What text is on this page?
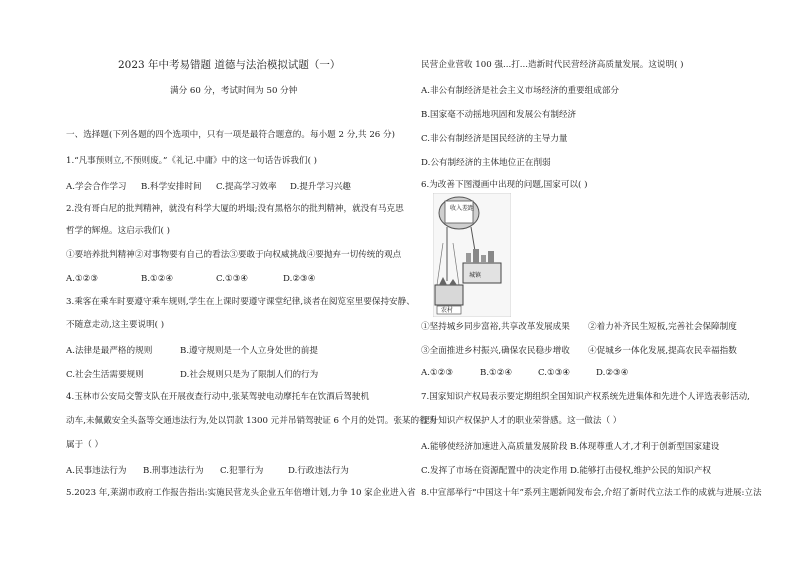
2023 年中考易错题 道德与法治模拟试题（一）
满分 60 分，考试时间为 50 分钟
一、选择题(下列各题的四个选项中，只有一项是最符合题意的。每小题 2 分,共 26 分)
1.“凡事预则立,不预则废。”《礼记.中庸》中的这一句话告诉我们( )
A.学会合作学习 B.科学安排时间 C.提高学习效率 D.提升学习兴趣
2.没有哥白尼的批判精神，就没有科学大厦的坍塌;没有黑格尔的批判精神，就没有马克思
哲学的辉煌。这启示我们( )
①要培养批判精神②对事物要有自己的看法③要敢于向权威挑战④要抛弃一切传统的观点
A.①②③	B.①②④	C.①③④	D.②③④
3.乘客在乘车时要遵守乘车规则,学生在上课时要遵守课堂纪律,谈者在阅览室里要保持安静、
不随意走动,这主要说明( )
A.法律是最严格的规则	B.遵守规则是一个人立身处世的前提
C.社会生活需要规则	D.社会规则只是为了限制人们的行为
4.玉林市公安局交警支队在开展夜查行动中,张某驾驶电动摩托车在饮酒后驾驶机
动车,未佩戴安全头盔等交通违法行为,处以罚款 1300 元并吊销驾驶证 6 个月的处罚。张某的行为
属于（ ）
A.民事违法行为 B.刑事违法行为 C.犯罪行为	D.行政违法行为
5.2023 年,莱湖市政府工作报告指出:实施民营龙头企业五年倍增计划,力争 10 家企业进入省
民营企业营收 100 强...打...造新时代民营经济高质量发展。这说明( )
A.非公有制经济是社会主义市场经济的重要组成部分
B.国家毫不动摇地巩固和发展公有制经济
C.非公有制经济是国民经济的主导力量
D.公有制经济的主体地位正在削弱
6.为改善下图漫画中出现的问题,国家可以( )
收入差距
城镇
农村
①坚持城乡同步富裕,共享改革发展成果 ②着力补齐民生短板,完善社会保障制度
③全面推进乡村振兴,确保农民稳步增收 ④促城乡一体化发展,提高农民幸福指数
A.①②③	B.①②④	C.①③④	D.②③④
7.国家知识产权局表示要定期组织全国知识产权系统先进集体和先进个人评选表彰活动,
提升知识产权保护人才的职业荣誉感。这一做法（ ）
A.能够使经济加速进入高质量发展阶段 B.体现尊重人才,才利于创新型国家建设
C.发挥了市场在资源配置中的决定作用 D.能够打击侵权,维护公民的知识产权
8.中宣部举行“中国这十年”系列主题新闻发布会,介绍了新时代立法工作的成就与进展:立法
